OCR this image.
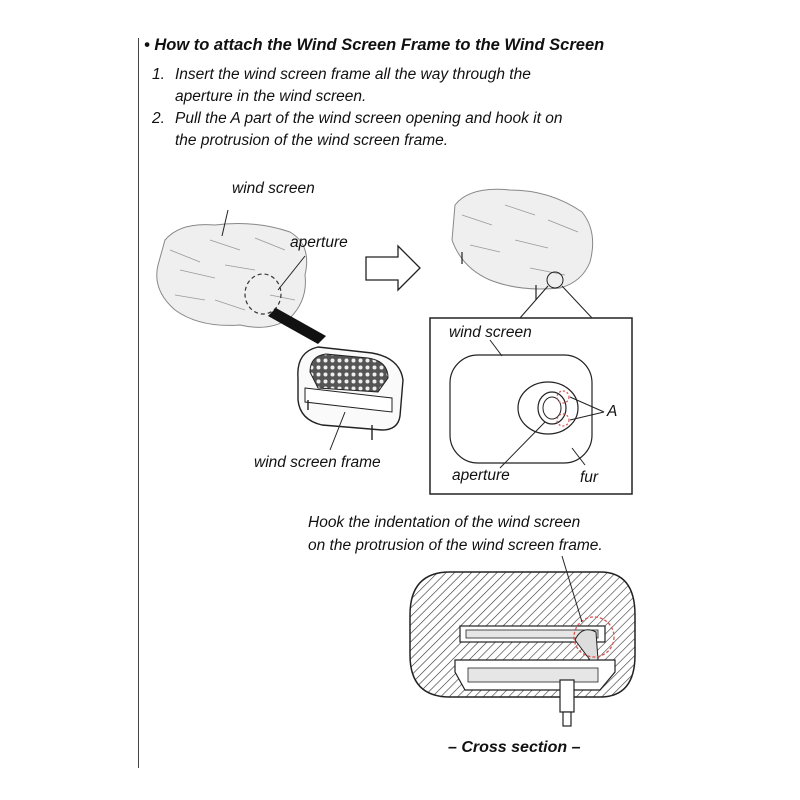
• How to attach the Wind Screen Frame to the Wind Screen
1. Insert the wind screen frame all the way through the
aperture in the wind screen.
2. Pull the A part of the wind screen opening and hook it on
the protrusion of the wind screen frame.
wind screen
aperture
wind screen frame
wind screen
A
aperture	fur
Hook the indentation of the wind screen
on the protrusion of the wind screen frame.
– Cross section –
